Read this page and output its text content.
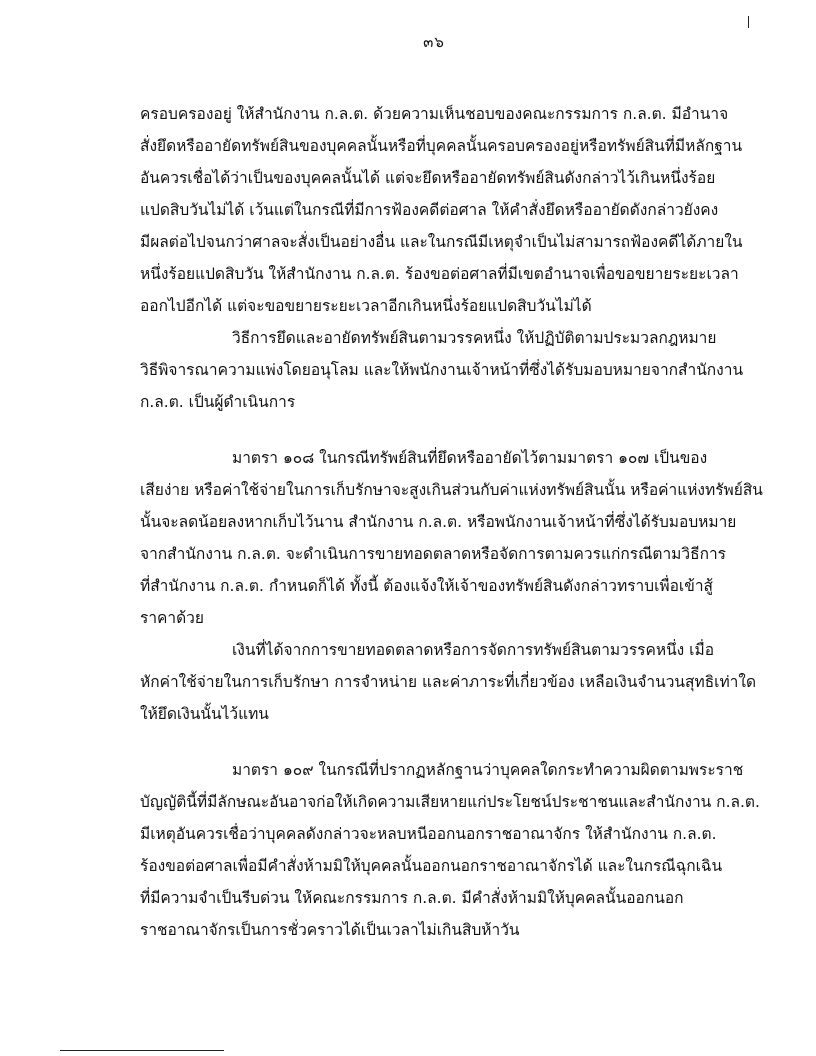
๓๖
ครอบครองอยู่ ให้สำนักงาน ก.ล.ต. ด้วยความเห็นชอบของคณะกรรมการ ก.ล.ต. มีอำนาจ
สั่งยึดหรืออายัดทรัพย์สินของบุคคลนั้นหรือที่บุคคลนั้นครอบครองอยู่หรือทรัพย์สินที่มีหลักฐาน
อันควรเชื่อได้ว่าเป็นของบุคคลนั้นได้ แต่จะยึดหรืออายัดทรัพย์สินดังกล่าวไว้เกินหนึ่งร้อย
แปดสิบวันไม่ได้ เว้นแต่ในกรณีที่มีการฟ้องคดีต่อศาล ให้คำสั่งยึดหรืออายัดดังกล่าวยังคง
มีผลต่อไปจนกว่าศาลจะสั่งเป็นอย่างอื่น และในกรณีมีเหตุจำเป็นไม่สามารถฟ้องคดีได้ภายใน
หนึ่งร้อยแปดสิบวัน ให้สำนักงาน ก.ล.ต. ร้องขอต่อศาลที่มีเขตอำนาจเพื่อขอขยายระยะเวลา
ออกไปอีกได้ แต่จะขอขยายระยะเวลาอีกเกินหนึ่งร้อยแปดสิบวันไม่ได้
วิธีการยึดและอายัดทรัพย์สินตามวรรคหนึ่ง ให้ปฏิบัติตามประมวลกฎหมาย
วิธีพิจารณาความแพ่งโดยอนุโลม และให้พนักงานเจ้าหน้าที่ซึ่งได้รับมอบหมายจากสำนักงาน
ก.ล.ต. เป็นผู้ดำเนินการ
มาตรา ๑๐๘ ในกรณีทรัพย์สินที่ยึดหรืออายัดไว้ตามมาตรา ๑๐๗ เป็นของ
เสียง่าย หรือค่าใช้จ่ายในการเก็บรักษาจะสูงเกินส่วนกับค่าแห่งทรัพย์สินนั้น หรือค่าแห่งทรัพย์สิน
นั้นจะลดน้อยลงหากเก็บไว้นาน สำนักงาน ก.ล.ต. หรือพนักงานเจ้าหน้าที่ซึ่งได้รับมอบหมาย
จากสำนักงาน ก.ล.ต. จะดำเนินการขายทอดตลาดหรือจัดการตามควรแก่กรณีตามวิธีการ
ที่สำนักงาน ก.ล.ต. กำหนดก็ได้ ทั้งนี้ ต้องแจ้งให้เจ้าของทรัพย์สินดังกล่าวทราบเพื่อเข้าสู้
ราคาด้วย
เงินที่ได้จากการขายทอดตลาดหรือการจัดการทรัพย์สินตามวรรคหนึ่ง เมื่อ
หักค่าใช้จ่ายในการเก็บรักษา การจำหน่าย และค่าภาระที่เกี่ยวข้อง เหลือเงินจำนวนสุทธิเท่าใด
ให้ยึดเงินนั้นไว้แทน
มาตรา ๑๐๙ ในกรณีที่ปรากฏหลักฐานว่าบุคคลใดกระทำความผิดตามพระราช
บัญญัตินี้ที่มีลักษณะอันอาจก่อให้เกิดความเสียหายแก่ประโยชน์ประชาชนและสำนักงาน ก.ล.ต.
มีเหตุอันควรเชื่อว่าบุคคลดังกล่าวจะหลบหนีออกนอกราชอาณาจักร ให้สำนักงาน ก.ล.ต.
ร้องขอต่อศาลเพื่อมีคำสั่งห้ามมิให้บุคคลนั้นออกนอกราชอาณาจักรได้ และในกรณีฉุกเฉิน
ที่มีความจำเป็นรีบด่วน ให้คณะกรรมการ ก.ล.ต. มีคำสั่งห้ามมิให้บุคคลนั้นออกนอก
ราชอาณาจักรเป็นการชั่วคราวได้เป็นเวลาไม่เกินสิบห้าวัน
